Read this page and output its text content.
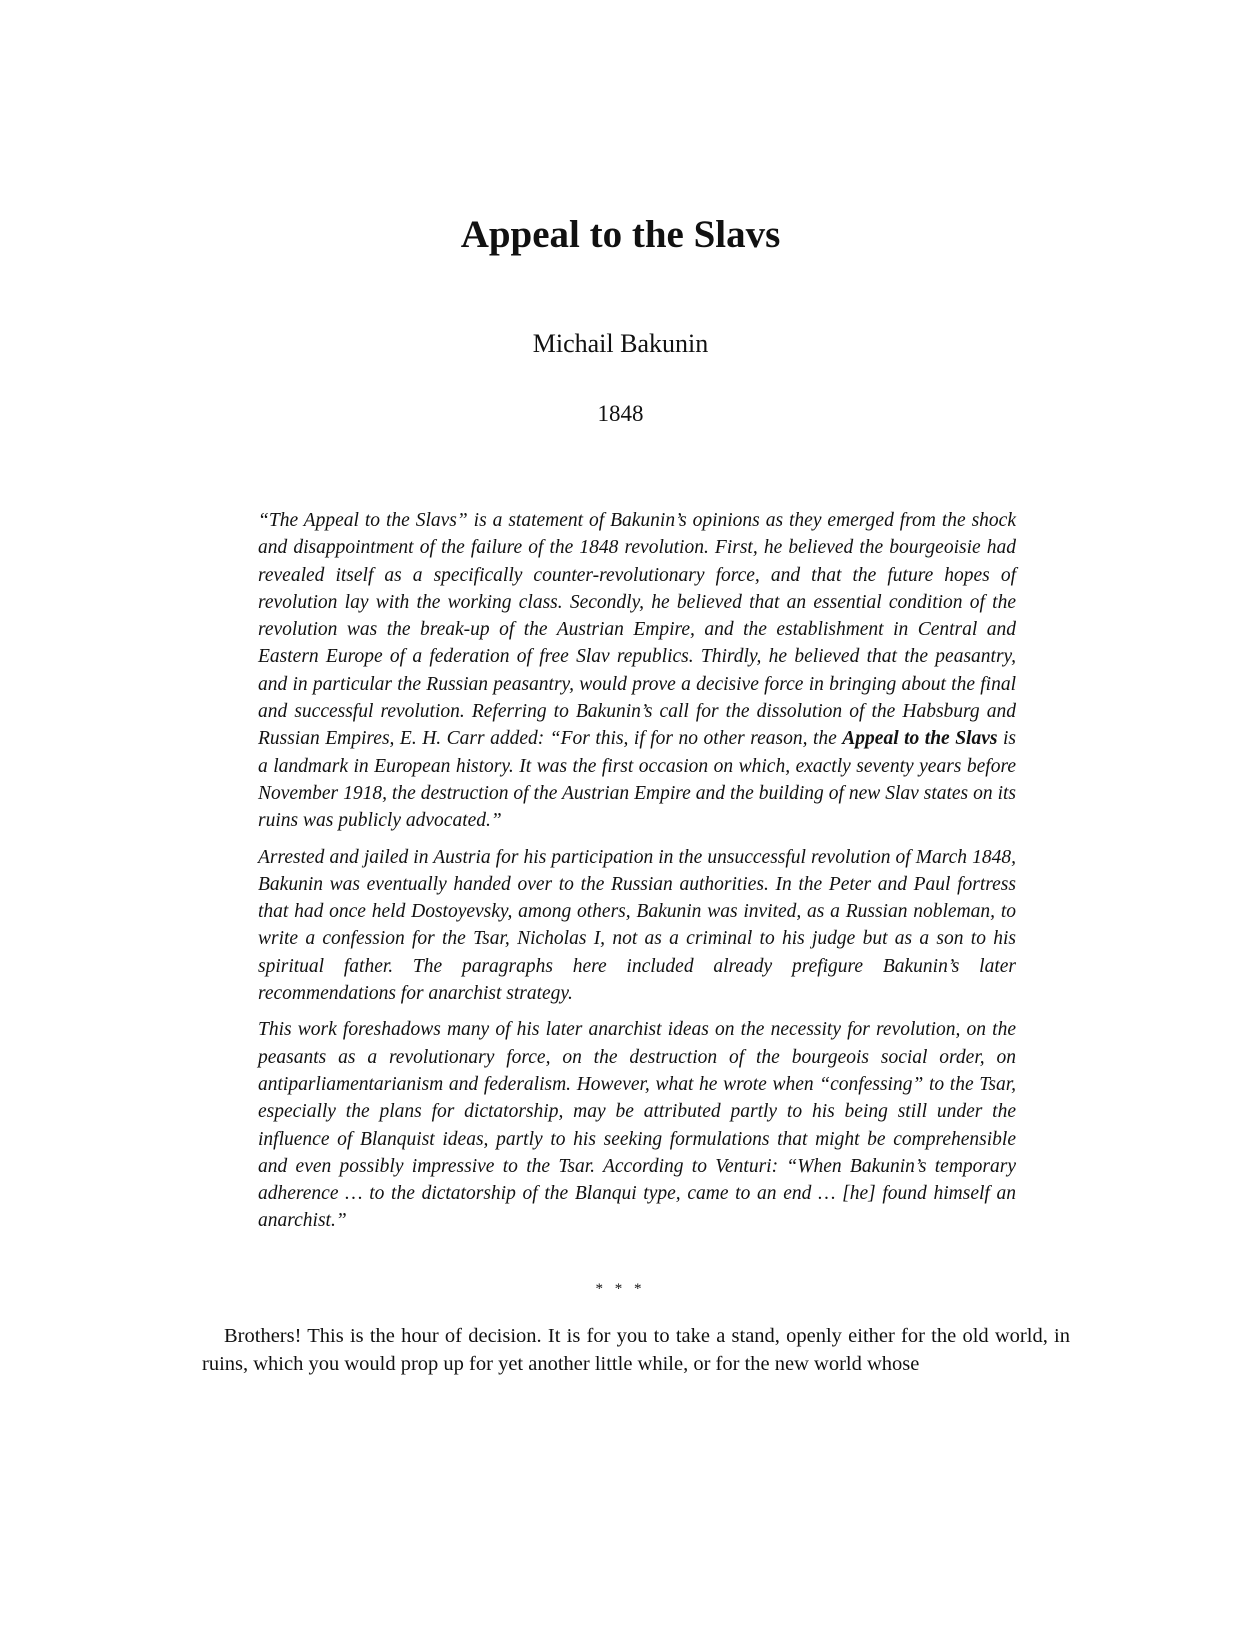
Appeal to the Slavs
Michail Bakunin
1848

“The Appeal to the Slavs” is a statement of Bakunin’s opinions as they emerged from the shock and disappointment of the failure of the 1848 revolution. First, he believed the bourgeoisie had revealed itself as a specifically counter-revolutionary force, and that the future hopes of revolution lay with the working class. Secondly, he believed that an essential condition of the revolution was the break-up of the Austrian Empire, and the establishment in Central and Eastern Europe of a federation of free Slav republics. Thirdly, he believed that the peasantry, and in particular the Russian peasantry, would prove a decisive force in bringing about the final and successful revolution. Referring to Bakunin’s call for the dissolution of the Habsburg and Russian Empires, E. H. Carr added: “For this, if for no other reason, the Appeal to the Slavs is a landmark in European history. It was the first occasion on which, exactly seventy years before November 1918, the destruction of the Austrian Empire and the building of new Slav states on its ruins was publicly advocated.”

Arrested and jailed in Austria for his participation in the unsuccessful revolution of March 1848, Bakunin was eventually handed over to the Russian authorities. In the Peter and Paul fortress that had once held Dostoyevsky, among others, Bakunin was invited, as a Russian nobleman, to write a confession for the Tsar, Nicholas I, not as a criminal to his judge but as a son to his spiritual father. The paragraphs here included already prefigure Bakunin’s later recommendations for anarchist strategy.

This work foreshadows many of his later anarchist ideas on the necessity for revolution, on the peasants as a revolutionary force, on the destruction of the bourgeois social order, on antiparliamentarianism and federalism. However, what he wrote when “confessing” to the Tsar, especially the plans for dictatorship, may be attributed partly to his being still under the influence of Blanquist ideas, partly to his seeking formulations that might be comprehensible and even possibly impressive to the Tsar. According to Venturi: “When Bakunin’s temporary adherence … to the dictatorship of the Blanqui type, came to an end … [he] found himself an anarchist.”

* * *

Brothers! This is the hour of decision. It is for you to take a stand, openly either for the old world, in ruins, which you would prop up for yet another little while, or for the new world whose
